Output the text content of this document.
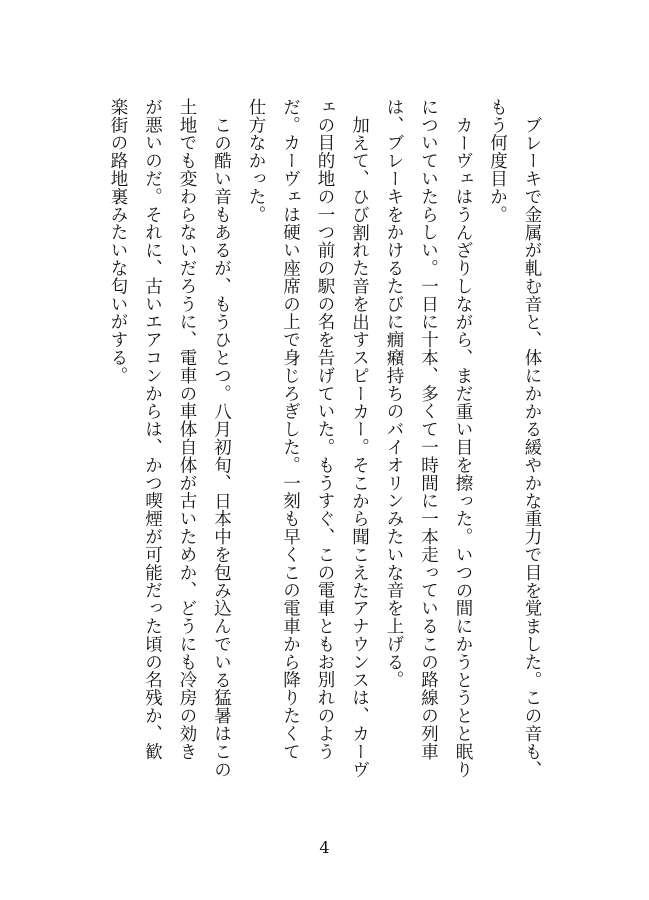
ブレーキで金属が軋む音と、体にかかる緩やかな重力で目を覚ました。この音も、もう何度目か。

カーヴェはうんざりしながら、まだ重い目を擦った。いつの間にかうとうとと眠りについていたらしい。一日に十本、多くて一時間に一本走っているこの路線の列車は、ブレーキをかけるたびに癇癪持ちのバイオリンみたいな音を上げる。

加えて、ひび割れた音を出すスピーカー。そこから聞こえたアナウンスは、カーヴェの目的地の一つ前の駅の名を告げていた。もうすぐ、この電車ともお別れのようだ。カーヴェは硬い座席の上で身じろぎした。一刻も早くこの電車から降りたくて仕方なかった。

この酷い音もあるが、もうひとつ。八月初旬、日本中を包み込んでいる猛暑はこの土地でも変わらないだろうに、電車の車体自体が古いためか、どうにも冷房の効きが悪いのだ。それに、古いエアコンからは、かつ喫煙が可能だった頃の名残か、歓楽街の路地裏みたいな匂いがする。

4
